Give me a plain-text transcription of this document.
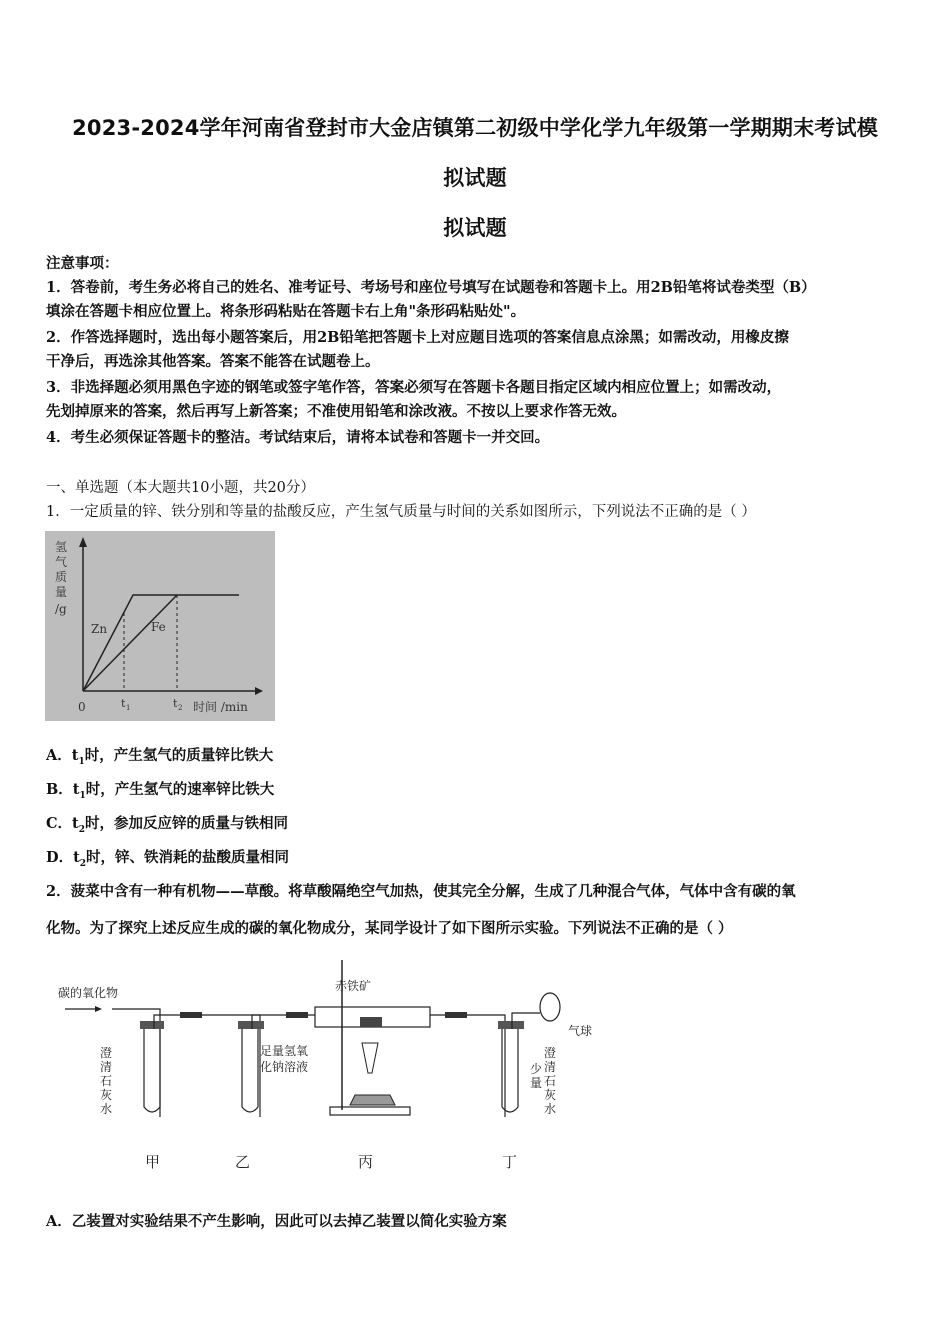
2023-2024学年河南省登封市大金店镇第二初级中学化学九年级第一学期期末考试模
拟试题
拟试题
注意事项：
1．答卷前，考生务必将自己的姓名、准考证号、考场号和座位号填写在试题卷和答题卡上。用2B铅笔将试卷类型（B）
填涂在答题卡相应位置上。将条形码粘贴在答题卡右上角"条形码粘贴处"。
2．作答选择题时，选出每小题答案后，用2B铅笔把答题卡上对应题目选项的答案信息点涂黑；如需改动，用橡皮擦
干净后，再选涂其他答案。答案不能答在试题卷上。
3．非选择题必须用黑色字迹的钢笔或签字笔作答，答案必须写在答题卡各题目指定区域内相应位置上；如需改动，
先划掉原来的答案，然后再写上新答案；不准使用铅笔和涂改液。不按以上要求作答无效。
4．考生必须保证答题卡的整洁。考试结束后，请将本试卷和答题卡一并交回。
一、单选题（本大题共10小题，共20分）
1．一定质量的锌、铁分别和等量的盐酸反应，产生氢气质量与时间的关系如图所示，下列说法不正确的是（ ）
氢
气
质
量
/g
Zn	Fe
0	t 1	t 2 时间 /min
A．$t_1$时，产生氢气的质量锌比铁大
B．$t_1$时，产生氢气的速率锌比铁大
C．$t_2$时，参加反应锌的质量与铁相同
D．$t_2$时，锌、铁消耗的盐酸质量相同
2．菠菜中含有一种有机物——草酸。将草酸隔绝空气加热，使其完全分解，生成了几种混合气体，气体中含有碳的氧
化物。为了探究上述反应生成的碳的氧化物成分，某同学设计了如下图所示实验。下列说法不正确的是（ ）
碳的氧化物
澄
清
石
灰
水
足量氢氧
化钠溶液
赤铁矿
气球
少
量
澄
清
石
灰
水
甲	乙	丙	丁
A．乙装置对实验结果不产生影响，因此可以去掉乙装置以简化实验方案
